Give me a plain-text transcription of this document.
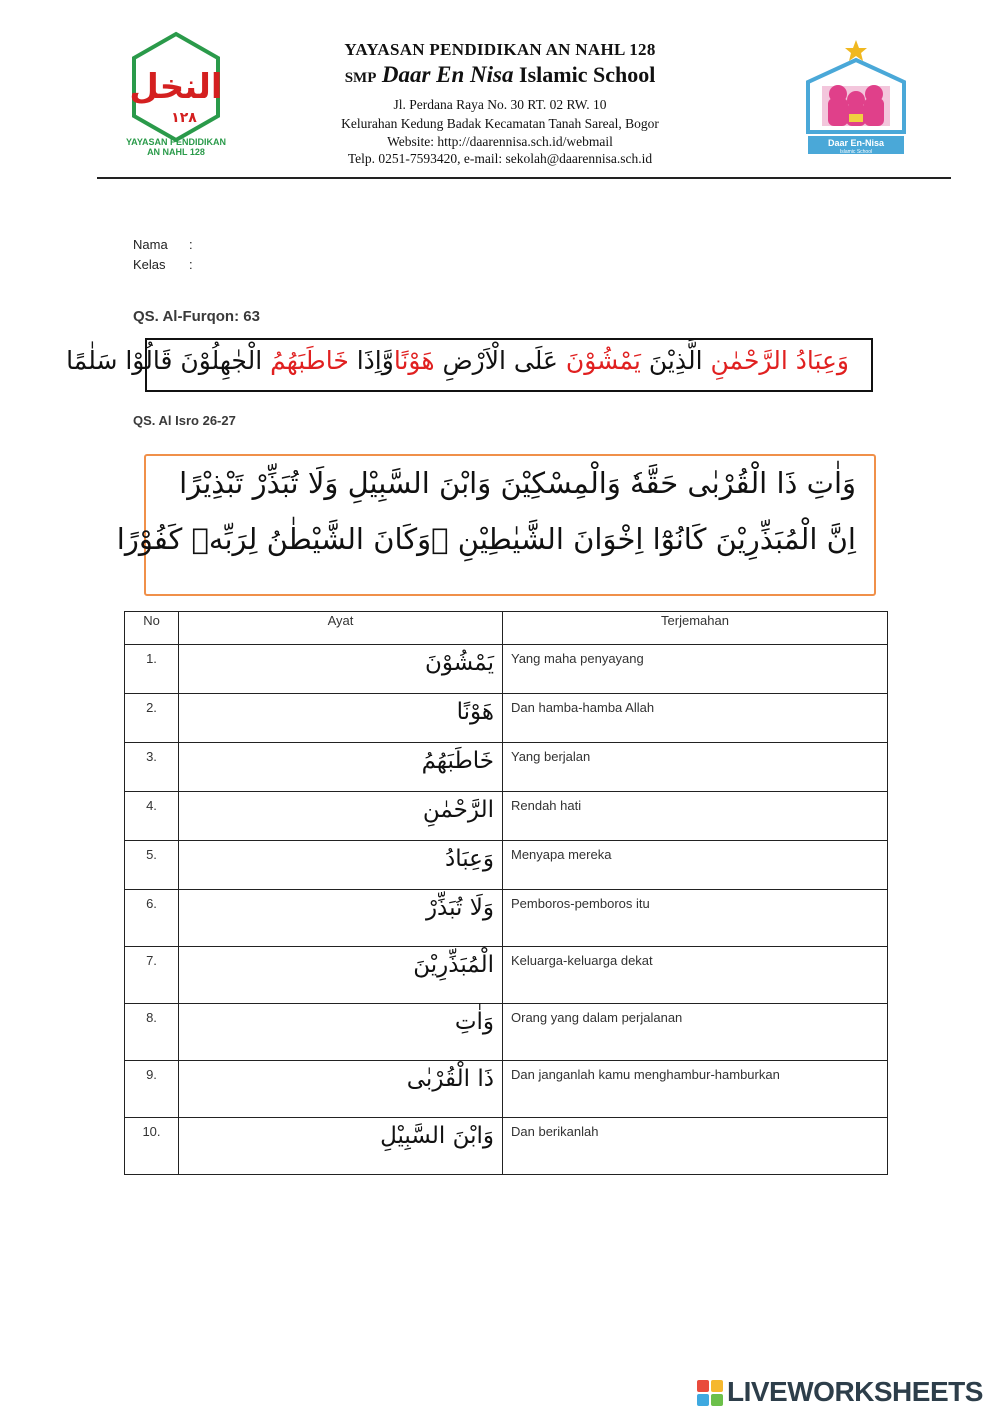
النخل
١٢٨
YAYASAN PENDIDIKAN
AN NAHL 128
YAYASAN PENDIDIKAN AN NAHL 128
SMP Daar En Nisa Islamic School
Jl. Perdana Raya No. 30 RT. 02 RW. 10
Kelurahan Kedung Badak Kecamatan Tanah Sareal, Bogor
Website: http://daarennisa.sch.id/webmail
Telp. 0251-7593420, e-mail: sekolah@daarennisa.sch.id
Daar En-Nisa
Islamic School
Nama :
Kelas :
QS. Al-Furqon: 63
وَعِبَادُ الرَّحْمٰنِ الَّذِيْنَ يَمْشُوْنَ عَلَى الْاَرْضِ هَوْنًاوَّاِذَا خَاطَبَهُمُ الْجٰهِلُوْنَ قَالُوْا سَلٰمًا
QS. Al Isro 26-27
وَاٰتِ ذَا الْقُرْبٰى حَقَّهٗ وَالْمِسْكِيْنَ وَابْنَ السَّبِيْلِ وَلَا تُبَذِّرْ تَبْذِيْرًا
اِنَّ الْمُبَذِّرِيْنَ كَانُوْٓا اِخْوَانَ الشَّيٰطِيْنِ ۗوَكَانَ الشَّيْطٰنُ لِرَبِّهٖ كَفُوْرًا
No	Ayat	Terjemahan
1.	يَمْشُوْنَ	Yang maha penyayang
2.	هَوْنًا	Dan hamba-hamba Allah
3.	خَاطَبَهُمُ	Yang berjalan
4.	الرَّحْمٰنِ	Rendah hati
5.	وَعِبَادُ	Menyapa mereka
6.	وَلَا تُبَذِّرْ	Pemboros-pemboros itu
7.	الْمُبَذِّرِيْنَ	Keluarga-keluarga dekat
8.	وَاٰتِ	Orang yang dalam perjalanan
9.	ذَا الْقُرْبٰى	Dan janganlah kamu menghambur-hamburkan
10.	وَابْنَ السَّبِيْلِ	Dan berikanlah
LIVEWORKSHEETS
